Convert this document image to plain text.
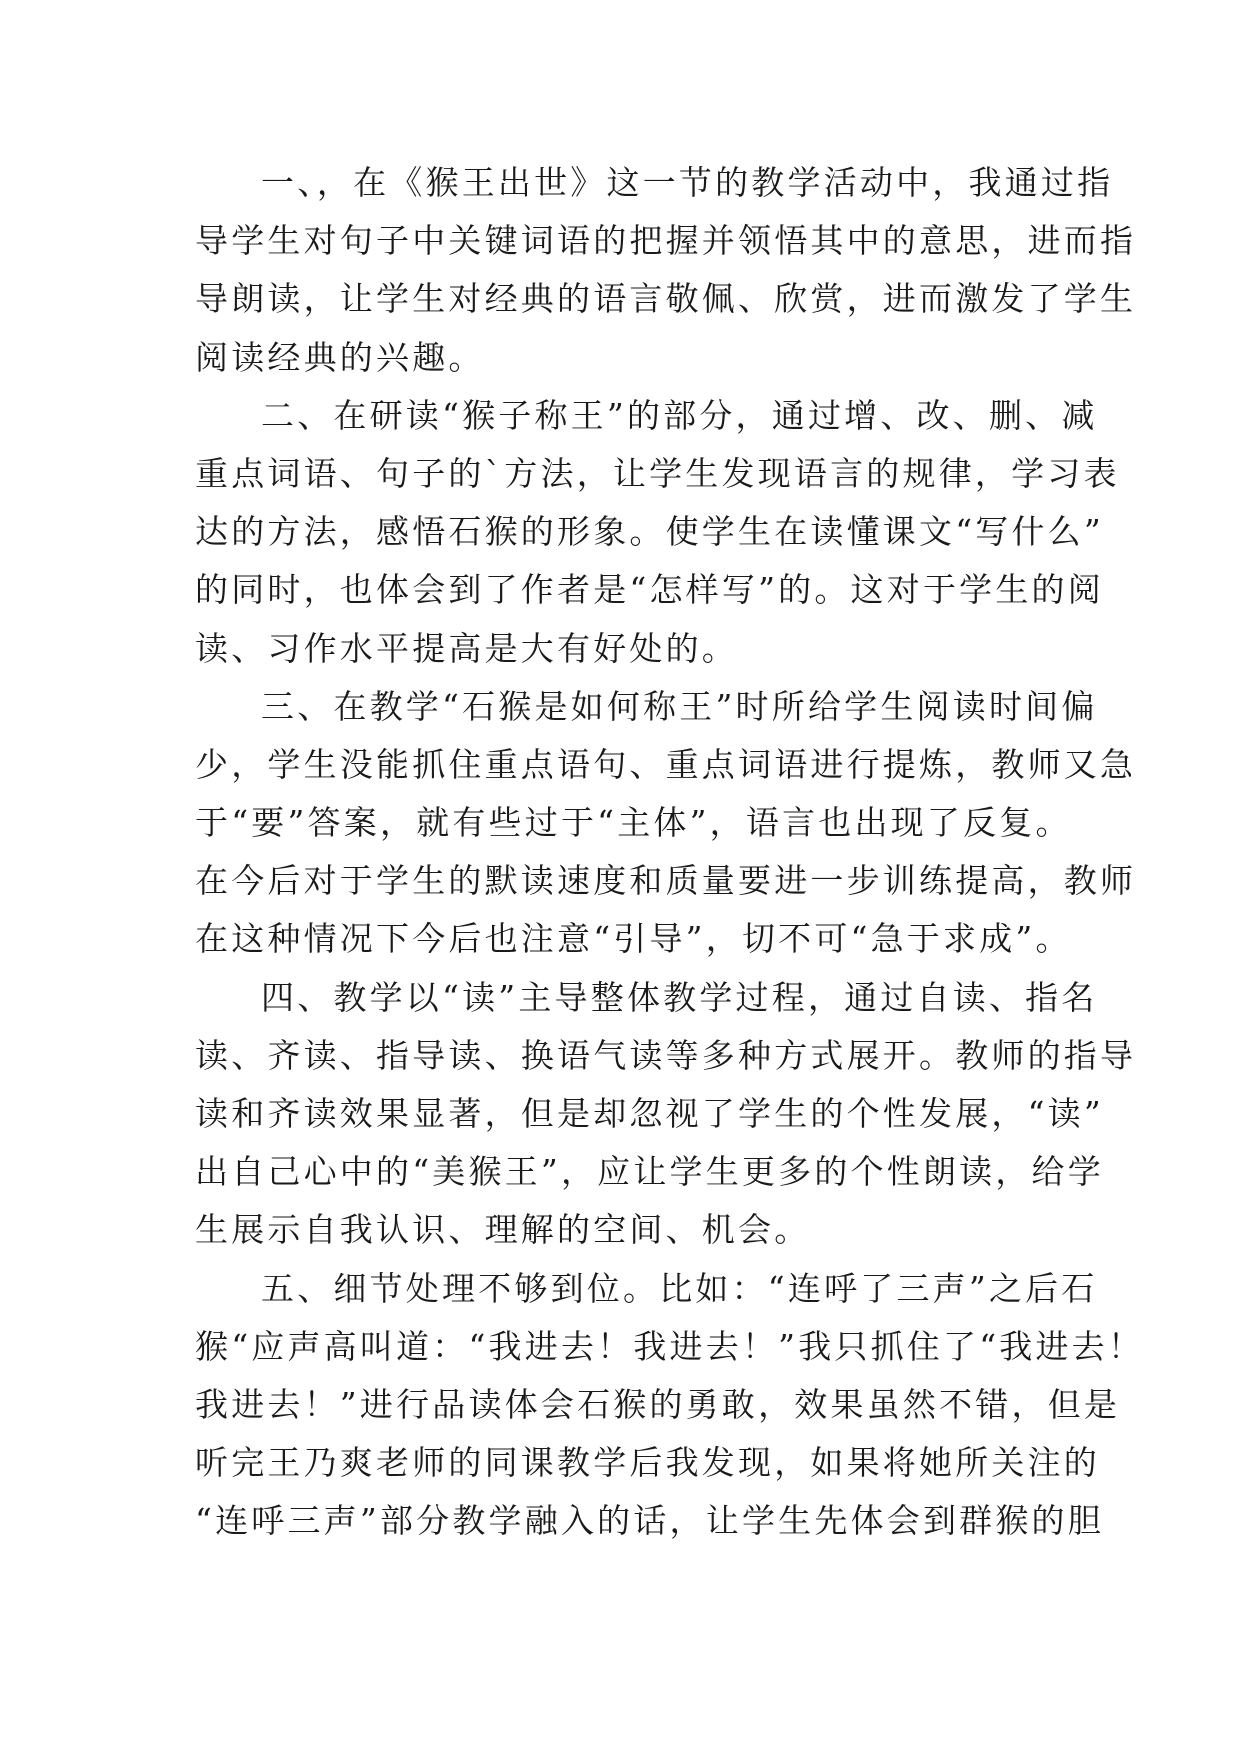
一、，在《猴王出世》这一节的教学活动中，我通过指
导学生对句子中关键词语的把握并领悟其中的意思，进而指
导朗读，让学生对经典的语言敬佩、欣赏，进而激发了学生
阅读经典的兴趣。
二、在研读“猴子称王”的部分，通过增、改、删、减
重点词语、句子的`方法，让学生发现语言的规律，学习表
达的方法，感悟石猴的形象。使学生在读懂课文“写什么”
的同时，也体会到了作者是“怎样写”的。这对于学生的阅
读、习作水平提高是大有好处的。
三、在教学“石猴是如何称王”时所给学生阅读时间偏
少，学生没能抓住重点语句、重点词语进行提炼，教师又急
于“要”答案，就有些过于“主体”，语言也出现了反复。
在今后对于学生的默读速度和质量要进一步训练提高，教师
在这种情况下今后也注意“引导”，切不可“急于求成”。
四、教学以“读”主导整体教学过程，通过自读、指名
读、齐读、指导读、换语气读等多种方式展开。教师的指导
读和齐读效果显著，但是却忽视了学生的个性发展，“读”
出自己心中的“美猴王”，应让学生更多的个性朗读，给学
生展示自我认识、理解的空间、机会。
五、细节处理不够到位。比如：“连呼了三声”之后石
猴“应声高叫道：“我进去！我进去！”我只抓住了“我进去！
我进去！”进行品读体会石猴的勇敢，效果虽然不错，但是
听完王乃爽老师的同课教学后我发现，如果将她所关注的
“连呼三声”部分教学融入的话，让学生先体会到群猴的胆
